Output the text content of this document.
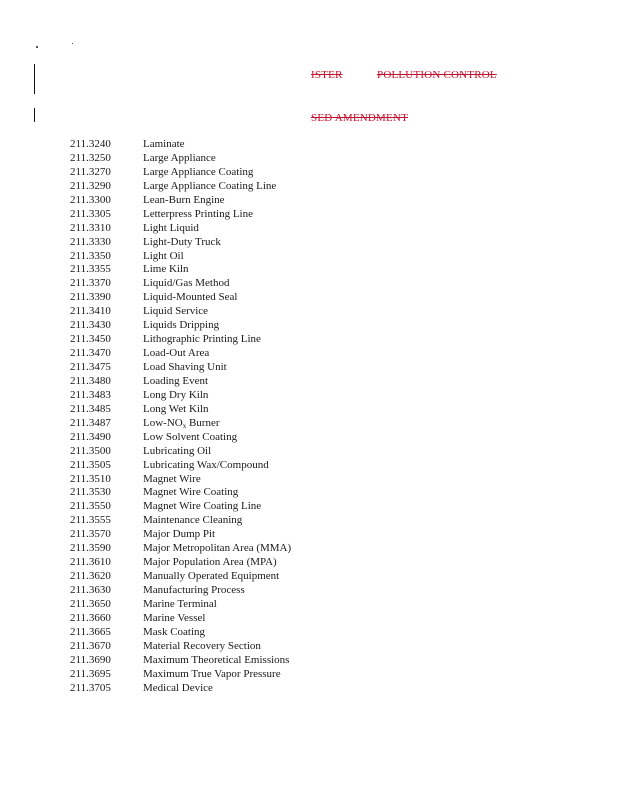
ISTER	POLLUTION CONTROL
SED AMENDMENT
211.3240	Laminate
211.3250	Large Appliance
211.3270	Large Appliance Coating
211.3290	Large Appliance Coating Line
211.3300	Lean-Burn Engine
211.3305	Letterpress Printing Line
211.3310	Light Liquid
211.3330	Light-Duty Truck
211.3350	Light Oil
211.3355	Lime Kiln
211.3370	Liquid/Gas Method
211.3390	Liquid-Mounted Seal
211.3410	Liquid Service
211.3430	Liquids Dripping
211.3450	Lithographic Printing Line
211.3470	Load-Out Area
211.3475	Load Shaving Unit
211.3480	Loading Event
211.3483	Long Dry Kiln
211.3485	Long Wet Kiln
211.3487	Low-$NO_x$ Burner
211.3490	Low Solvent Coating
211.3500	Lubricating Oil
211.3505	Lubricating Wax/Compound
211.3510	Magnet Wire
211.3530	Magnet Wire Coating
211.3550	Magnet Wire Coating Line
211.3555	Maintenance Cleaning
211.3570	Major Dump Pit
211.3590	Major Metropolitan Area (MMA)
211.3610	Major Population Area (MPA)
211.3620	Manually Operated Equipment
211.3630	Manufacturing Process
211.3650	Marine Terminal
211.3660	Marine Vessel
211.3665	Mask Coating
211.3670	Material Recovery Section
211.3690	Maximum Theoretical Emissions
211.3695	Maximum True Vapor Pressure
211.3705	Medical Device
